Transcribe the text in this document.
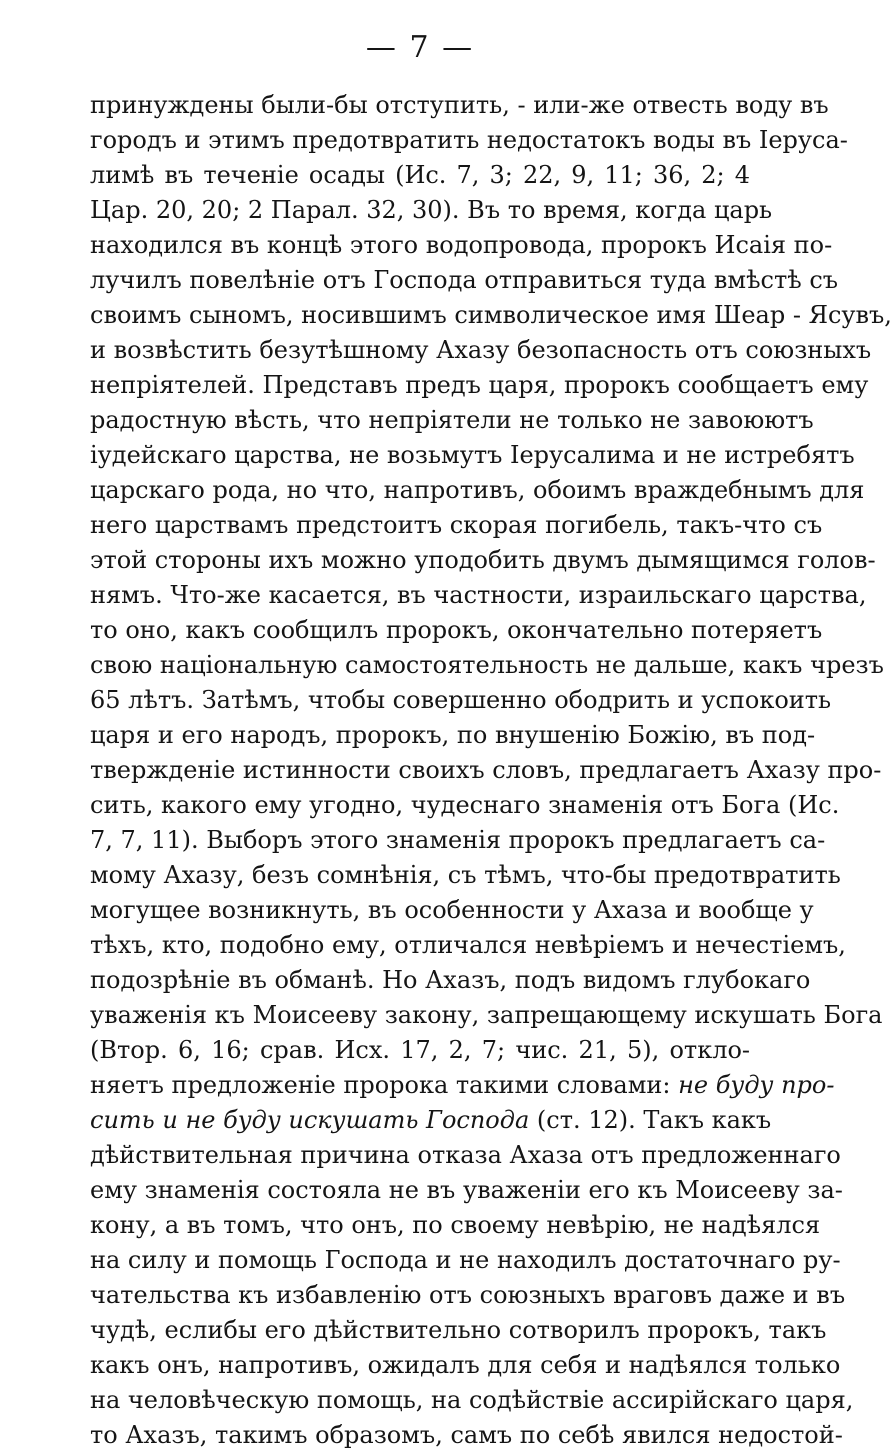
— 7 —
принуждены были-бы отступить, - или-же отвесть воду въ
городъ и этимъ предотвратить недостатокъ воды въ Іеруса-
лимѣ въ теченіе осады (Ис. 7, 3; 22, 9, 11; 36, 2; 4
Цар. 20, 20; 2 Парал. 32, 30). Въ то время, когда царь
находился въ концѣ этого водопровода, пророкъ Исаія по-
лучилъ повелѣніе отъ Господа отправиться туда вмѣстѣ съ
своимъ сыномъ, носившимъ символическое имя Шеар - Ясувъ,
и возвѣстить безутѣшному Ахазу безопасность отъ союзныхъ
непріятелей. Представъ предъ царя, пророкъ сообщаетъ ему
радостную вѣсть, что непріятели не только не завоюютъ
іудейскаго царства, не возьмутъ Іерусалима и не истребятъ
царскаго рода, но что, напротивъ, обоимъ враждебнымъ для
него царствамъ предстоитъ скорая погибель, такъ-что съ
этой стороны ихъ можно уподобить двумъ дымящимся голов-
нямъ. Что-же касается, въ частности, израильскаго царства,
то оно, какъ сообщилъ пророкъ, окончательно потеряетъ
свою національную самостоятельность не дальше, какъ чрезъ
65 лѣтъ. Затѣмъ, чтобы совершенно ободрить и успокоить
царя и его народъ, пророкъ, по внушенію Божію, въ под-
твержденіе истинности своихъ словъ, предлагаетъ Ахазу про-
сить, какого ему угодно, чудеснаго знаменія отъ Бога (Ис.
7, 7, 11). Выборъ этого знаменія пророкъ предлагаетъ са-
мому Ахазу, безъ сомнѣнія, съ тѣмъ, что-бы предотвратить
могущее возникнуть, въ особенности у Ахаза и вообще у
тѣхъ, кто, подобно ему, отличался невѣріемъ и нечестіемъ,
подозрѣніе въ обманѣ. Но Ахазъ, подъ видомъ глубокаго
уваженія къ Моисееву закону, запрещающему искушать Бога
(Втор. 6, 16; срав. Исх. 17, 2, 7; чис. 21, 5), откло-
няетъ предложеніе пророка такими словами: не буду про-
сить и не буду искушать Господа (ст. 12). Такъ какъ
дѣйствительная причина отказа Ахаза отъ предложеннаго
ему знаменія состояла не въ уваженіи его къ Моисееву за-
кону, а въ томъ, что онъ, по своему невѣрію, не надѣялся
на силу и помощь Господа и не находилъ достаточнаго ру-
чательства къ избавленію отъ союзныхъ враговъ даже и въ
чудѣ, еслибы его дѣйствительно сотворилъ пророкъ, такъ
какъ онъ, напротивъ, ожидалъ для себя и надѣялся только
на человѣческую помощь, на содѣйствіе ассирійскаго царя,
то Ахазъ, такимъ образомъ, самъ по себѣ явился недостой-
